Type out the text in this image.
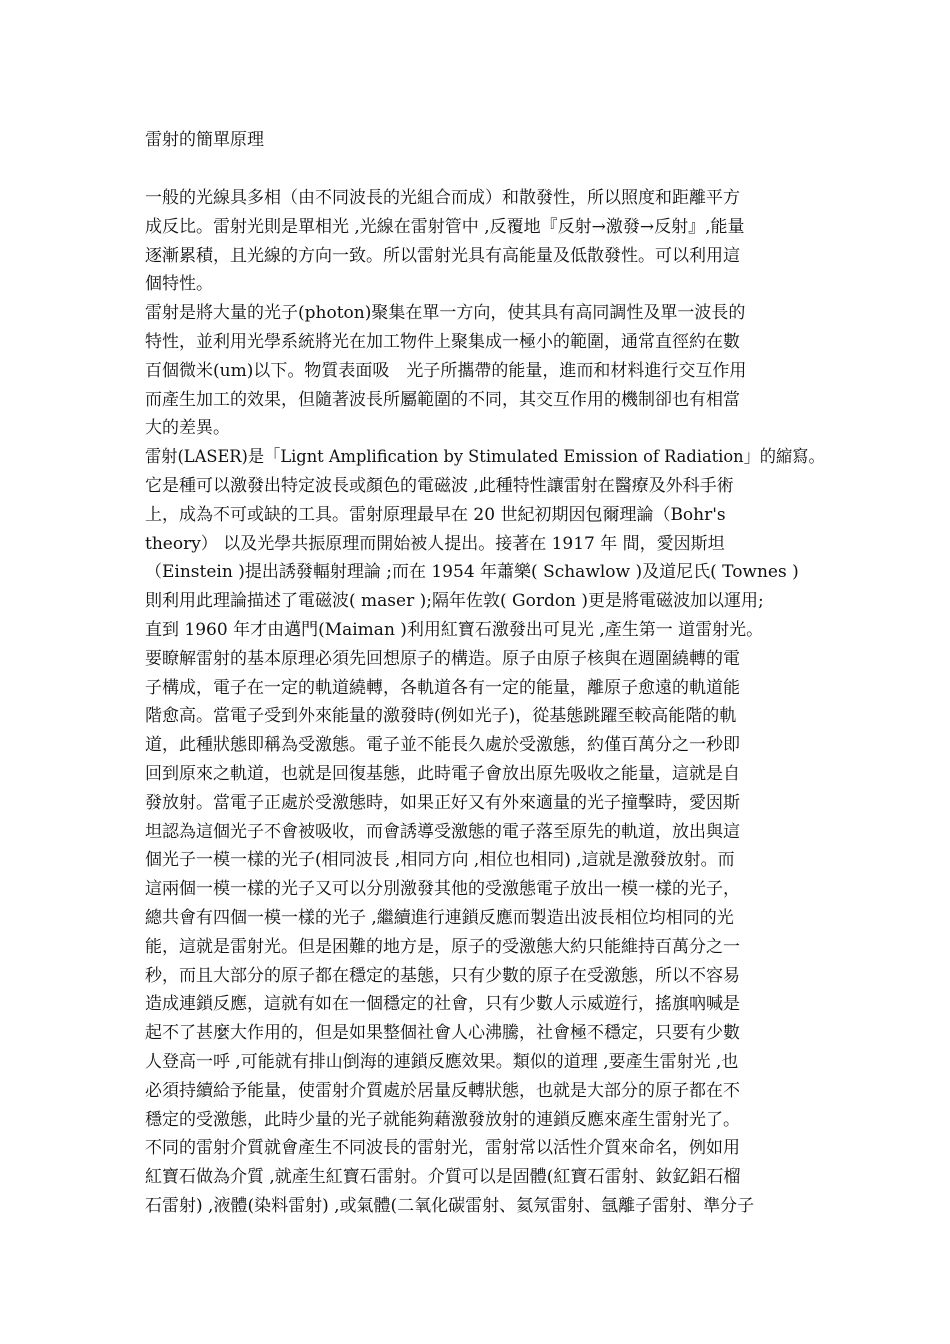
雷射的簡單原理
一般的光線具多相（由不同波長的光組合而成）和散發性，所以照度和距離平方
成反比。雷射光則是單相光 ,光線在雷射管中 ,反覆地『反射→激發→反射』,能量
逐漸累積，且光線的方向一致。所以雷射光具有高能量及低散發性。可以利用這
個特性。
雷射是將大量的光子(photon)聚集在單一方向，使其具有高同調性及單一波長的
特性，並利用光學系統將光在加工物件上聚集成一極小的範圍，通常直徑約在數
百個微米(um)以下。物質表面吸　光子所攜帶的能量，進而和材料進行交互作用
而產生加工的效果，但隨著波長所屬範圍的不同，其交互作用的機制卻也有相當
大的差異。
雷射(LASER)是「Lignt Amplification by Stimulated Emission of Radiation」的縮寫。
它是種可以激發出特定波長或顏色的電磁波 ,此種特性讓雷射在醫療及外科手術
上，成為不可或缺的工具。雷射原理最早在 20 世紀初期因包爾理論（Bohr's
theory） 以及光學共振原理而開始被人提出。接著在 1917 年 間，愛因斯坦
（Einstein )提出誘發輻射理論 ;而在 1954 年蕭樂( Schawlow )及道尼氏( Townes )
則利用此理論描述了電磁波( maser );隔年佐敦( Gordon )更是將電磁波加以運用;
直到 1960 年才由邁門(Maiman )利用紅寶石激發出可見光 ,產生第一 道雷射光。
要瞭解雷射的基本原理必須先回想原子的構造。原子由原子核與在週圍繞轉的電
子構成，電子在一定的軌道繞轉，各軌道各有一定的能量，離原子愈遠的軌道能
階愈高。當電子受到外來能量的激發時(例如光子)，從基態跳躍至較高能階的軌
道，此種狀態即稱為受激態。電子並不能長久處於受激態，約僅百萬分之一秒即
回到原來之軌道，也就是回復基態，此時電子會放出原先吸收之能量，這就是自
發放射。當電子正處於受激態時，如果正好又有外來適量的光子撞擊時，愛因斯
坦認為這個光子不會被吸收，而會誘導受激態的電子落至原先的軌道，放出與這
個光子一模一樣的光子(相同波長 ,相同方向 ,相位也相同) ,這就是激發放射。而
這兩個一模一樣的光子又可以分別激發其他的受激態電子放出一模一樣的光子，
總共會有四個一模一樣的光子 ,繼續進行連鎖反應而製造出波長相位均相同的光
能，這就是雷射光。但是困難的地方是，原子的受激態大約只能維持百萬分之一
秒，而且大部分的原子都在穩定的基態，只有少數的原子在受激態，所以不容易
造成連鎖反應，這就有如在一個穩定的社會，只有少數人示威遊行，搖旗吶喊是
起不了甚麼大作用的，但是如果整個社會人心沸騰，社會極不穩定，只要有少數
人登高一呼 ,可能就有排山倒海的連鎖反應效果。類似的道理 ,要產生雷射光 ,也
必須持續給予能量，使雷射介質處於居量反轉狀態，也就是大部分的原子都在不
穩定的受激態，此時少量的光子就能夠藉激發放射的連鎖反應來產生雷射光了。
不同的雷射介質就會產生不同波長的雷射光，雷射常以活性介質來命名，例如用
紅寶石做為介質 ,就產生紅寶石雷射。介質可以是固體(紅寶石雷射、釹釔鋁石榴
石雷射) ,液體(染料雷射) ,或氣體(二氧化碳雷射、氦氖雷射、氬離子雷射、準分子
